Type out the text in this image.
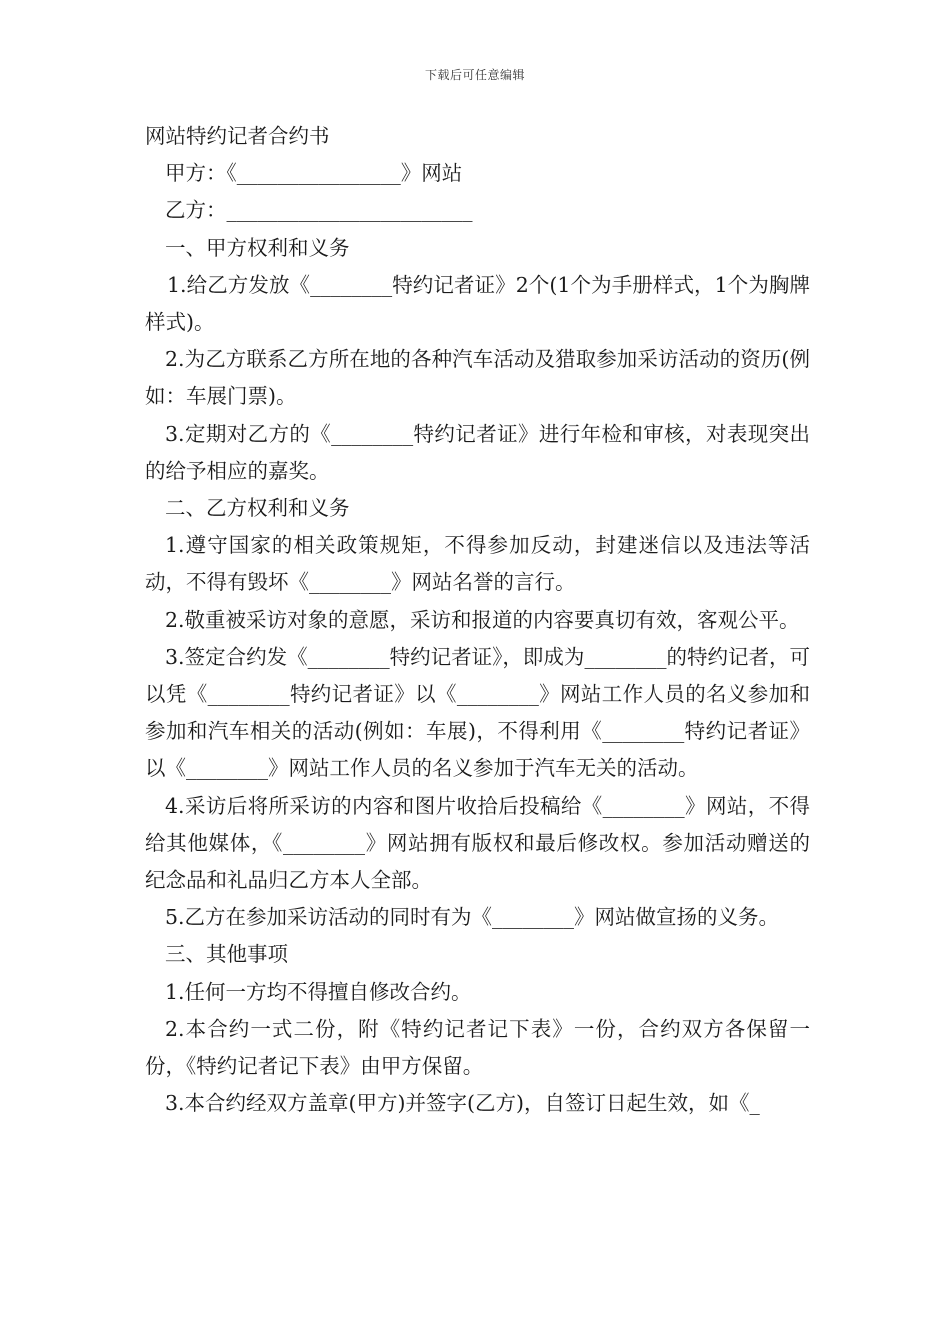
下载后可任意编辑

网站特约记者合约书

甲方：《________________》网站

乙方：________________________

一、甲方权利和义务

1.给乙方发放《________特约记者证》2个(1个为手册样式，1个为胸牌样式)。

2.为乙方联系乙方所在地的各种汽车活动及猎取参加采访活动的资历(例如：车展门票)。

3.定期对乙方的《________特约记者证》进行年检和审核，对表现突出的给予相应的嘉奖。

二、乙方权利和义务

1.遵守国家的相关政策规矩，不得参加反动，封建迷信以及违法等活动，不得有毁坏《________》网站名誉的言行。

2.敬重被采访对象的意愿，采访和报道的内容要真切有效，客观公平。

3.签定合约发《________特约记者证》，即成为________的特约记者，可以凭《________特约记者证》以《________》网站工作人员的名义参加和参加和汽车相关的活动(例如：车展)，不得利用《________特约记者证》以《________》网站工作人员的名义参加于汽车无关的活动。

4.采访后将所采访的内容和图片收拾后投稿给《________》网站，不得给其他媒体，《________》网站拥有版权和最后修改权。参加活动赠送的纪念品和礼品归乙方本人全部。

5.乙方在参加采访活动的同时有为《________》网站做宣扬的义务。

三、其他事项

1.任何一方均不得擅自修改合约。

2.本合约一式二份，附《特约记者记下表》一份，合约双方各保留一份，《特约记者记下表》由甲方保留。

3.本合约经双方盖章(甲方)并签字(乙方)，自签订日起生效，如《_
